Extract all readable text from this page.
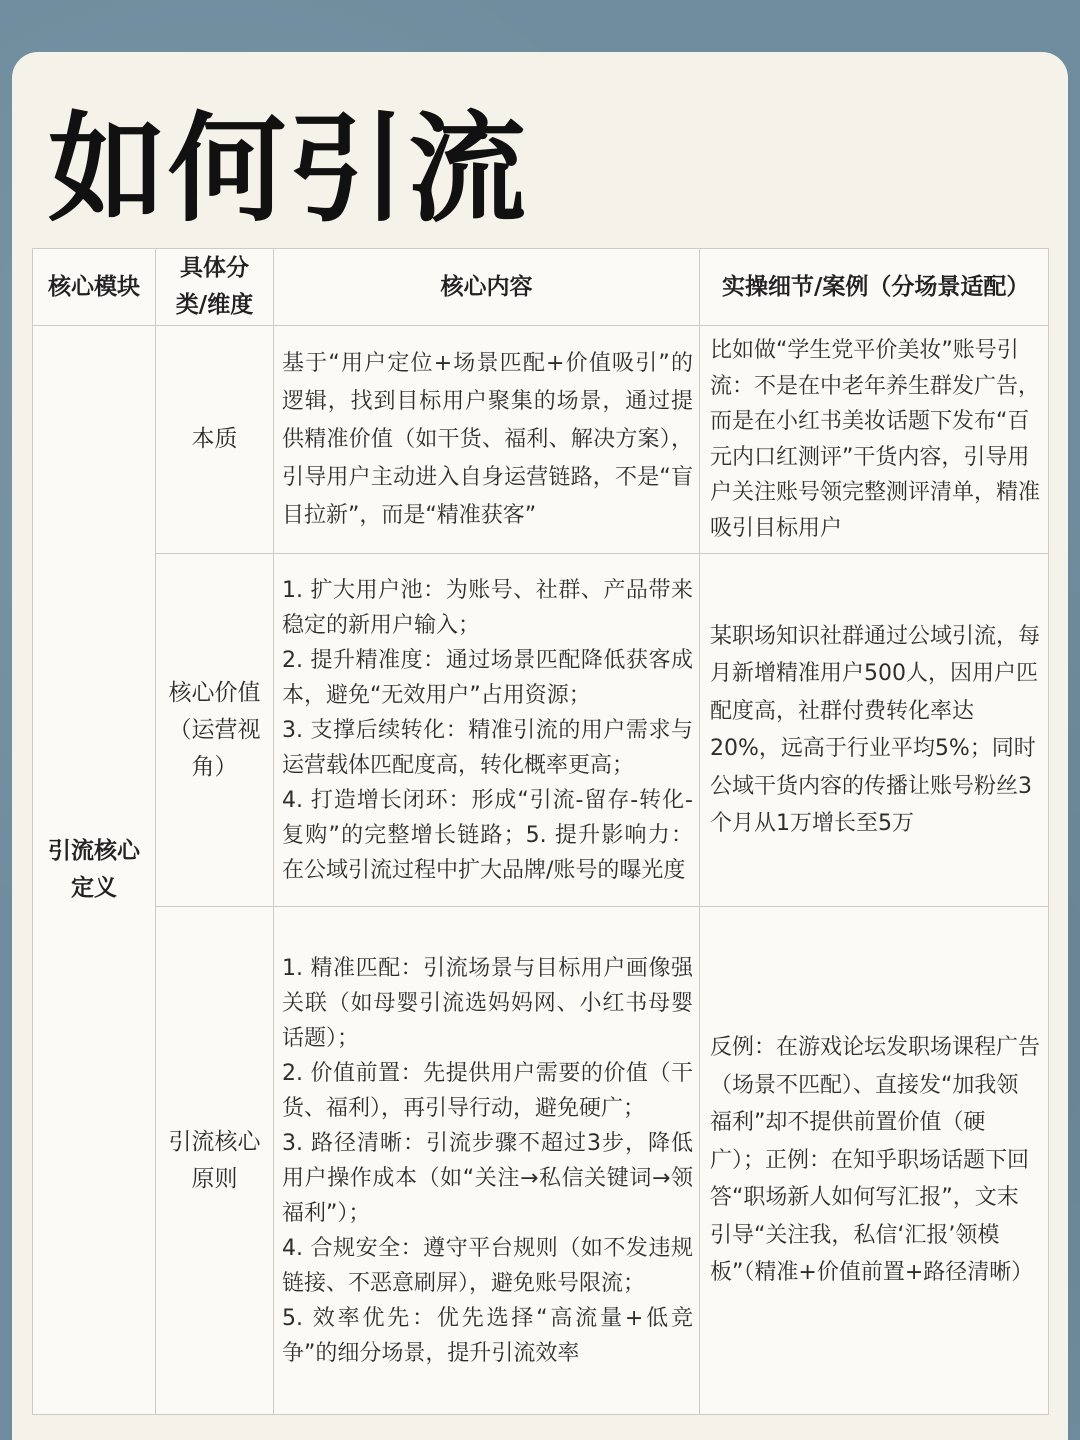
如何引流
核心模块	具体分类/维度	核心内容	实操细节/案例（分场景适配）
引流核心定义	本质	基于“用户定位+场景匹配+价值吸引”的逻辑，找到目标用户聚集的场景，通过提供精准价值（如干货、福利、解决方案），引导用户主动进入自身运营链路，不是“盲目拉新”，而是“精准获客”	比如做“学生党平价美妆”账号引流：不是在中老年养生群发广告，而是在小红书美妆话题下发布“百元内口红测评”干货内容，引导用户关注账号领完整测评清单，精准吸引目标用户
	核心价值（运营视角）	1. 扩大用户池：为账号、社群、产品带来稳定的新用户输入；
2. 提升精准度：通过场景匹配降低获客成本，避免“无效用户”占用资源；
3. 支撑后续转化：精准引流的用户需求与运营载体匹配度高，转化概率更高；
4. 打造增长闭环：形成“引流-留存-转化-复购”的完整增长链路；5. 提升影响力：在公域引流过程中扩大品牌/账号的曝光度	某职场知识社群通过公域引流，每月新增精准用户500人，因用户匹配度高，社群付费转化率达20%，远高于行业平均5%；同时公域干货内容的传播让账号粉丝3个月从1万增长至5万
	引流核心原则	1. 精准匹配：引流场景与目标用户画像强关联（如母婴引流选妈妈网、小红书母婴话题）；
2. 价值前置：先提供用户需要的价值（干货、福利），再引导行动，避免硬广；
3. 路径清晰：引流步骤不超过3步，降低用户操作成本（如“关注→私信关键词→领福利”）；
4. 合规安全：遵守平台规则（如不发违规链接、不恶意刷屏），避免账号限流；
5. 效率优先：优先选择“高流量+低竞争”的细分场景，提升引流效率	反例：在游戏论坛发职场课程广告（场景不匹配）、直接发“加我领福利”却不提供前置价值（硬广）；正例：在知乎职场话题下回答“职场新人如何写汇报”，文末引导“关注我，私信‘汇报’领模板”（精准+价值前置+路径清晰）
